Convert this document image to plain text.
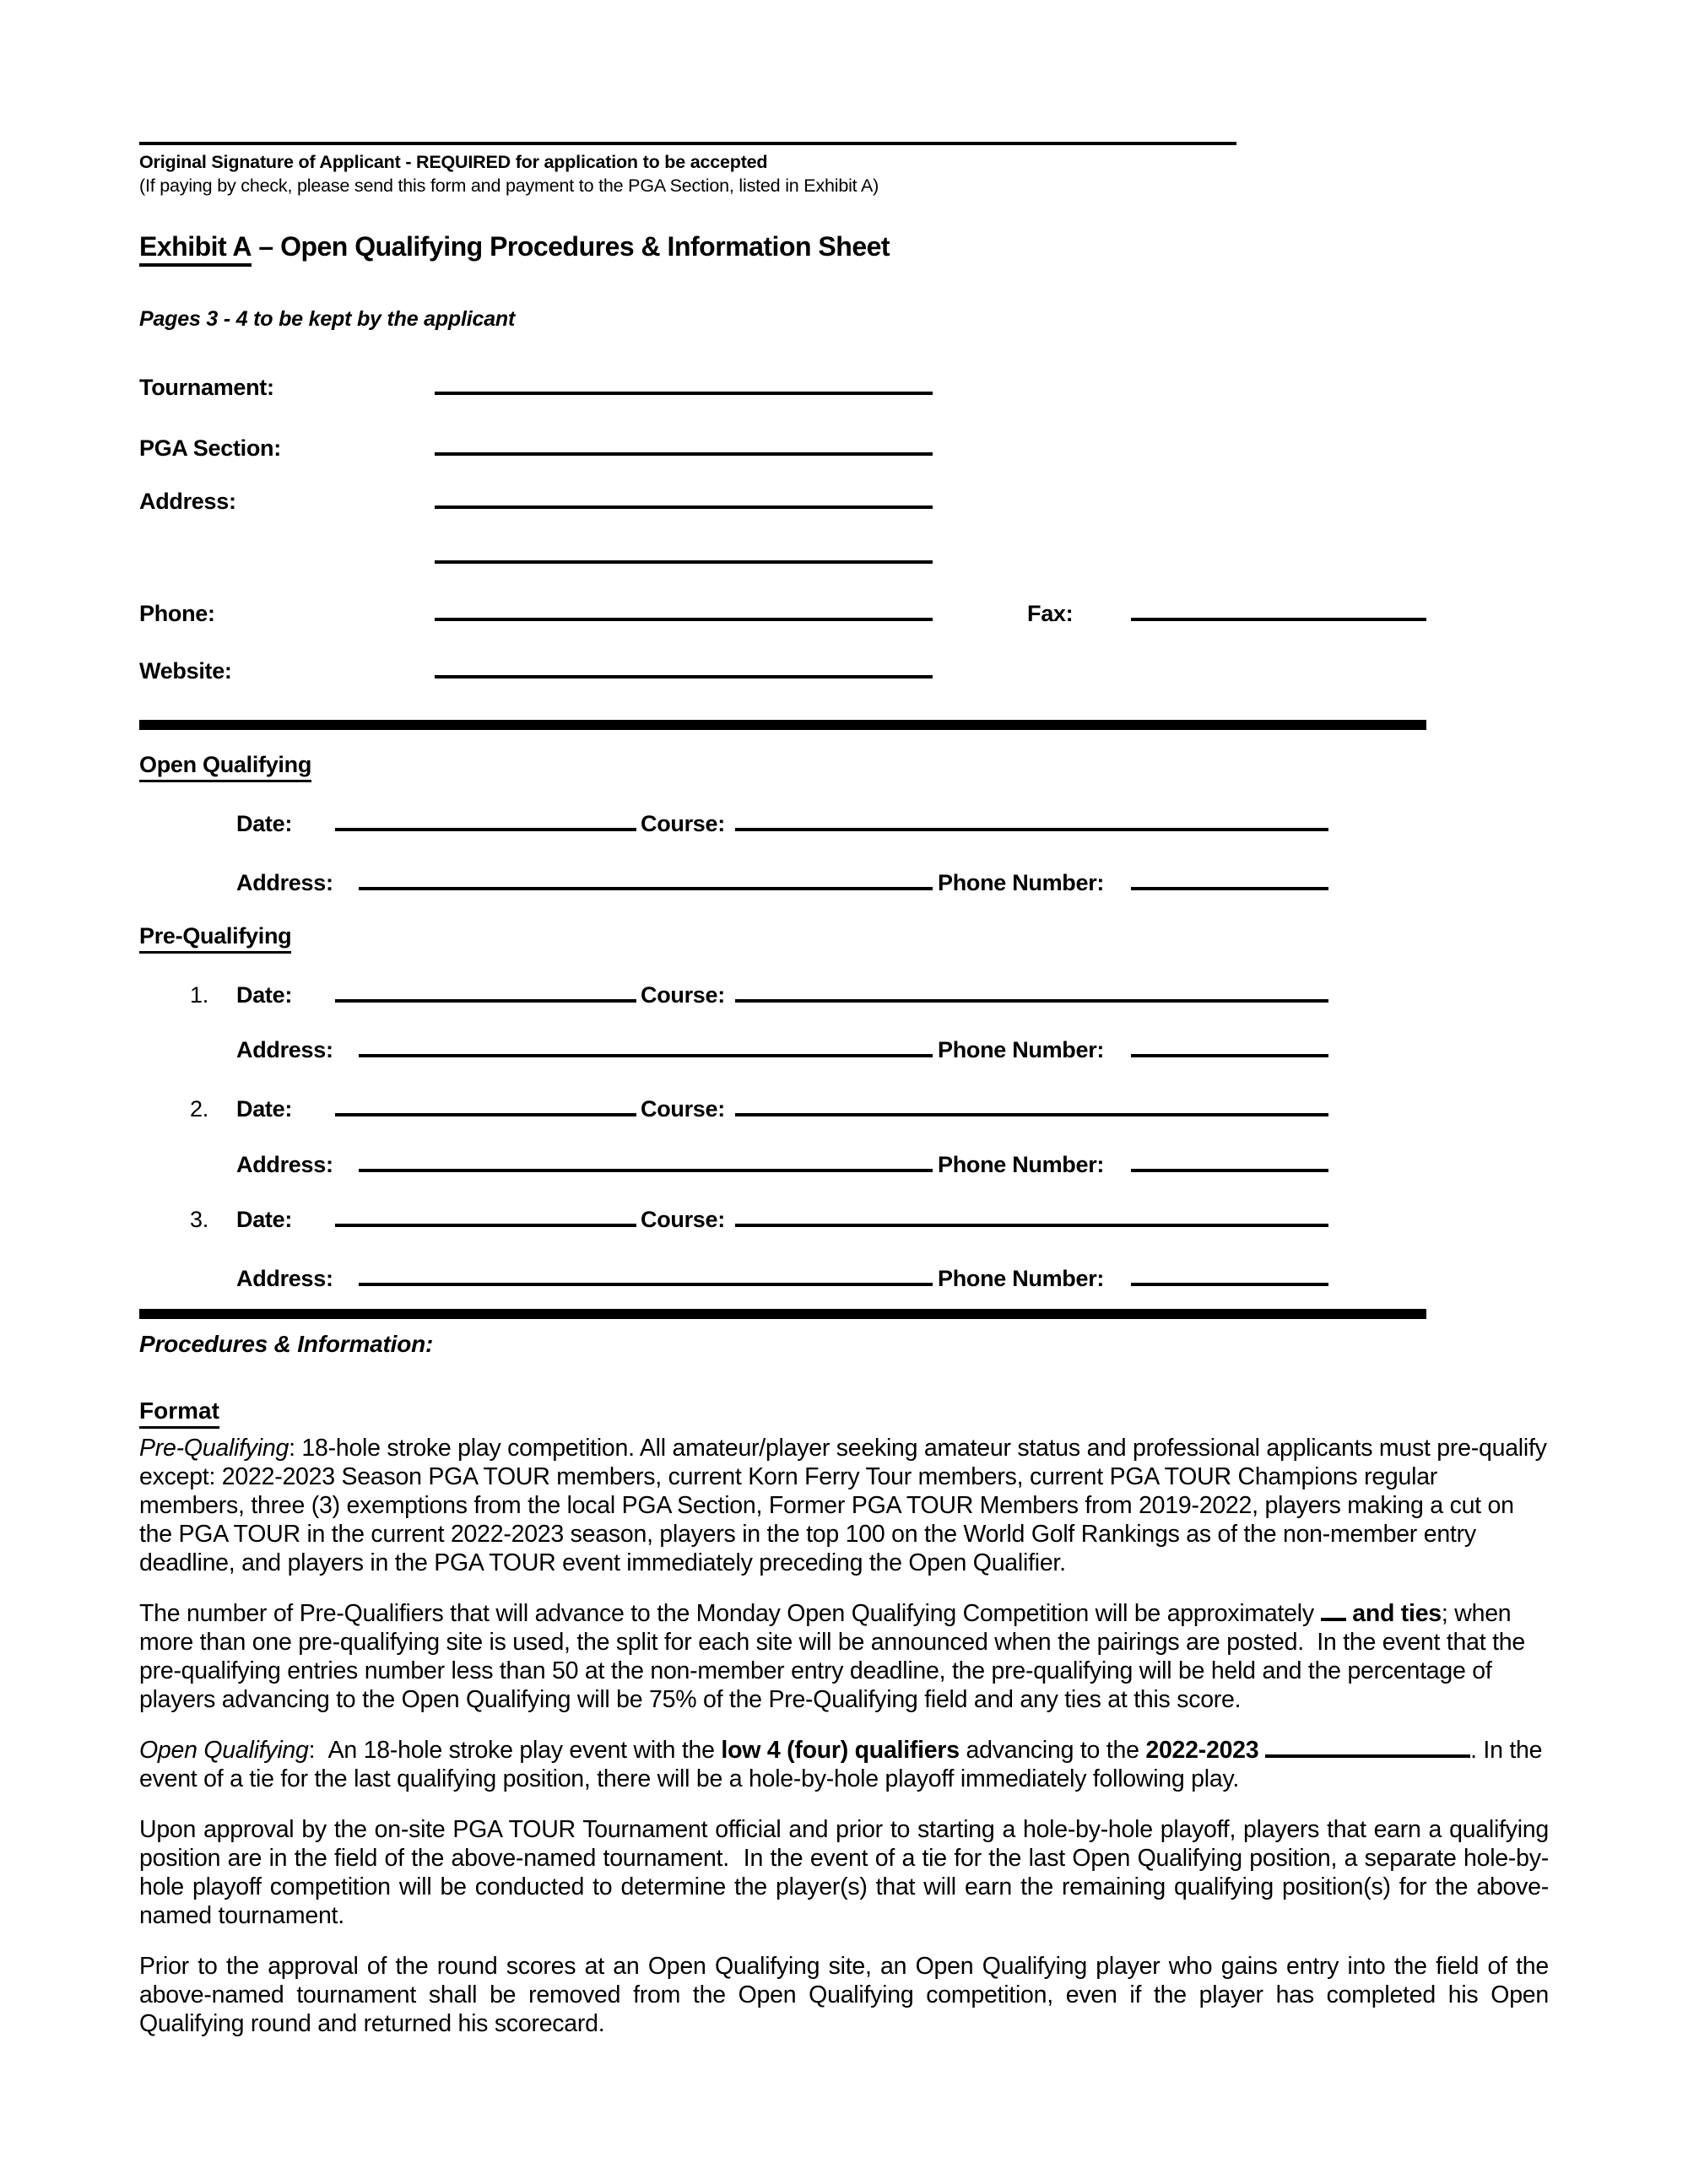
Original Signature of Applicant - REQUIRED for application to be accepted
(If paying by check, please send this form and payment to the PGA Section, listed in Exhibit A)
Exhibit A – Open Qualifying Procedures & Information Sheet
Pages 3 - 4 to be kept by the applicant
Tournament:
PGA Section:
Address:
Phone:	Fax:
Website:
Open Qualifying
Date:	Course:
Address:	Phone Number:
Pre-Qualifying
1. Date:	Course:
Address:	Phone Number:
2. Date:	Course:
Address:	Phone Number:
3. Date:	Course:
Address:	Phone Number:
Procedures & Information:
Format

Pre-Qualifying: 18-hole stroke play competition. All amateur/player seeking amateur status and professional applicants must pre-qualify except: 2022-2023 Season PGA TOUR members, current Korn Ferry Tour members, current PGA TOUR Champions regular members, three (3) exemptions from the local PGA Section, Former PGA TOUR Members from 2019-2022, players making a cut on the PGA TOUR in the current 2022-2023 season, players in the top 100 on the World Golf Rankings as of the non-member entry deadline, and players in the PGA TOUR event immediately preceding the Open Qualifier.

The number of Pre-Qualifiers that will advance to the Monday Open Qualifying Competition will be approximately  and ties; when more than one pre-qualifying site is used, the split for each site will be announced when the pairings are posted.  In the event that the pre-qualifying entries number less than 50 at the non-member entry deadline, the pre-qualifying will be held and the percentage of players advancing to the Open Qualifying will be 75% of the Pre-Qualifying field and any ties at this score.

Open Qualifying:  An 18-hole stroke play event with the low 4 (four) qualifiers advancing to the 2022-2023	. In the event of a tie for the last qualifying position, there will be a hole-by-hole playoff immediately following play.

Upon approval by the on-site PGA TOUR Tournament official and prior to starting a hole-by-hole playoff, players that earn a qualifying position are in the field of the above-named tournament.  In the event of a tie for the last Open Qualifying position, a separate hole-by-hole playoff competition will be conducted to determine the player(s) that will earn the remaining qualifying position(s) for the above-named tournament.

Prior to the approval of the round scores at an Open Qualifying site, an Open Qualifying player who gains entry into the field of the above-named tournament shall be removed from the Open Qualifying competition, even if the player has completed his Open Qualifying round and returned his scorecard.
